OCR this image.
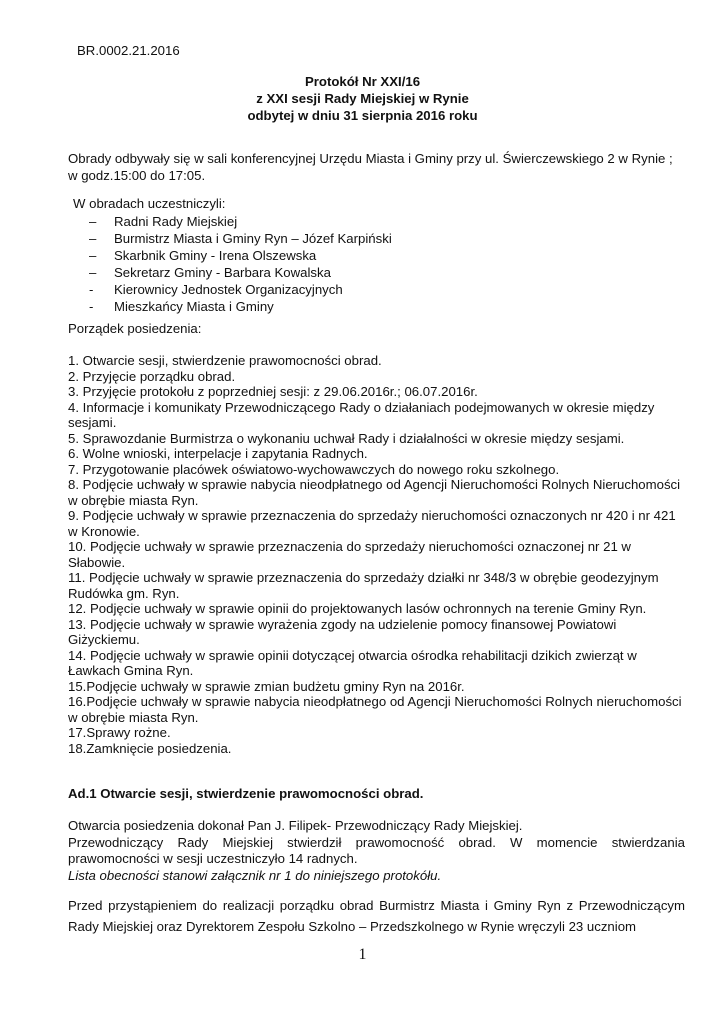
BR.0002.21.2016
Protokół Nr XXI/16
z XXI sesji Rady Miejskiej w Rynie
odbytej w dniu 31 sierpnia 2016 roku
Obrady odbywały się w sali konferencyjnej Urzędu Miasta i Gminy przy ul. Świerczewskiego 2 w Rynie ; w godz.15:00 do 17:05.
W obradach uczestniczyli:
– Radni Rady Miejskiej
– Burmistrz Miasta i Gminy Ryn – Józef Karpiński
– Skarbnik Gminy - Irena Olszewska
– Sekretarz Gminy - Barbara Kowalska
- Kierownicy Jednostek Organizacyjnych
- Mieszkańcy Miasta i Gminy
Porządek posiedzenia:
1. Otwarcie sesji, stwierdzenie prawomocności obrad.
2. Przyjęcie porządku obrad.
3. Przyjęcie protokołu z poprzedniej sesji: z 29.06.2016r.; 06.07.2016r.
4. Informacje i komunikaty Przewodniczącego Rady o działaniach podejmowanych w okresie między sesjami.
5. Sprawozdanie Burmistrza o wykonaniu uchwał Rady i działalności w okresie między sesjami.
6. Wolne wnioski, interpelacje i zapytania Radnych.
7. Przygotowanie placówek oświatowo-wychowawczych do nowego roku szkolnego.
8. Podjęcie uchwały w sprawie nabycia nieodpłatnego od Agencji Nieruchomości Rolnych Nieruchomości w obrębie miasta Ryn.
9. Podjęcie uchwały w sprawie przeznaczenia do sprzedaży nieruchomości oznaczonych nr 420 i nr 421 w Kronowie.
10. Podjęcie uchwały w sprawie przeznaczenia do sprzedaży nieruchomości oznaczonej nr 21 w Słabowie.
11. Podjęcie uchwały w sprawie przeznaczenia do sprzedaży działki nr 348/3 w obrębie geodezyjnym Rudówka gm. Ryn.
12. Podjęcie uchwały w sprawie opinii do projektowanych lasów ochronnych na terenie Gminy Ryn.
13. Podjęcie uchwały w sprawie wyrażenia zgody na udzielenie pomocy finansowej Powiatowi Giżyckiemu.
14. Podjęcie uchwały w sprawie opinii dotyczącej otwarcia ośrodka rehabilitacji dzikich zwierząt w Ławkach Gmina Ryn.
15.Podjęcie uchwały w sprawie zmian budżetu gminy Ryn na 2016r.
16.Podjęcie uchwały w sprawie nabycia nieodpłatnego od Agencji Nieruchomości Rolnych nieruchomości w obrębie miasta Ryn.
17.Sprawy rożne.
18.Zamknięcie posiedzenia.
Ad.1 Otwarcie sesji, stwierdzenie prawomocności obrad.
Otwarcia posiedzenia dokonał Pan J. Filipek- Przewodniczący Rady Miejskiej.
Przewodniczący Rady Miejskiej stwierdził prawomocność obrad. W momencie stwierdzania prawomocności w sesji uczestniczyło 14 radnych.
Lista obecności stanowi załącznik nr 1 do niniejszego protokółu.
Przed przystąpieniem do realizacji porządku obrad Burmistrz Miasta i Gminy Ryn z Przewodniczącym Rady Miejskiej oraz Dyrektorem Zespołu Szkolno – Przedszkolnego w Rynie wręczyli 23 uczniom
1
